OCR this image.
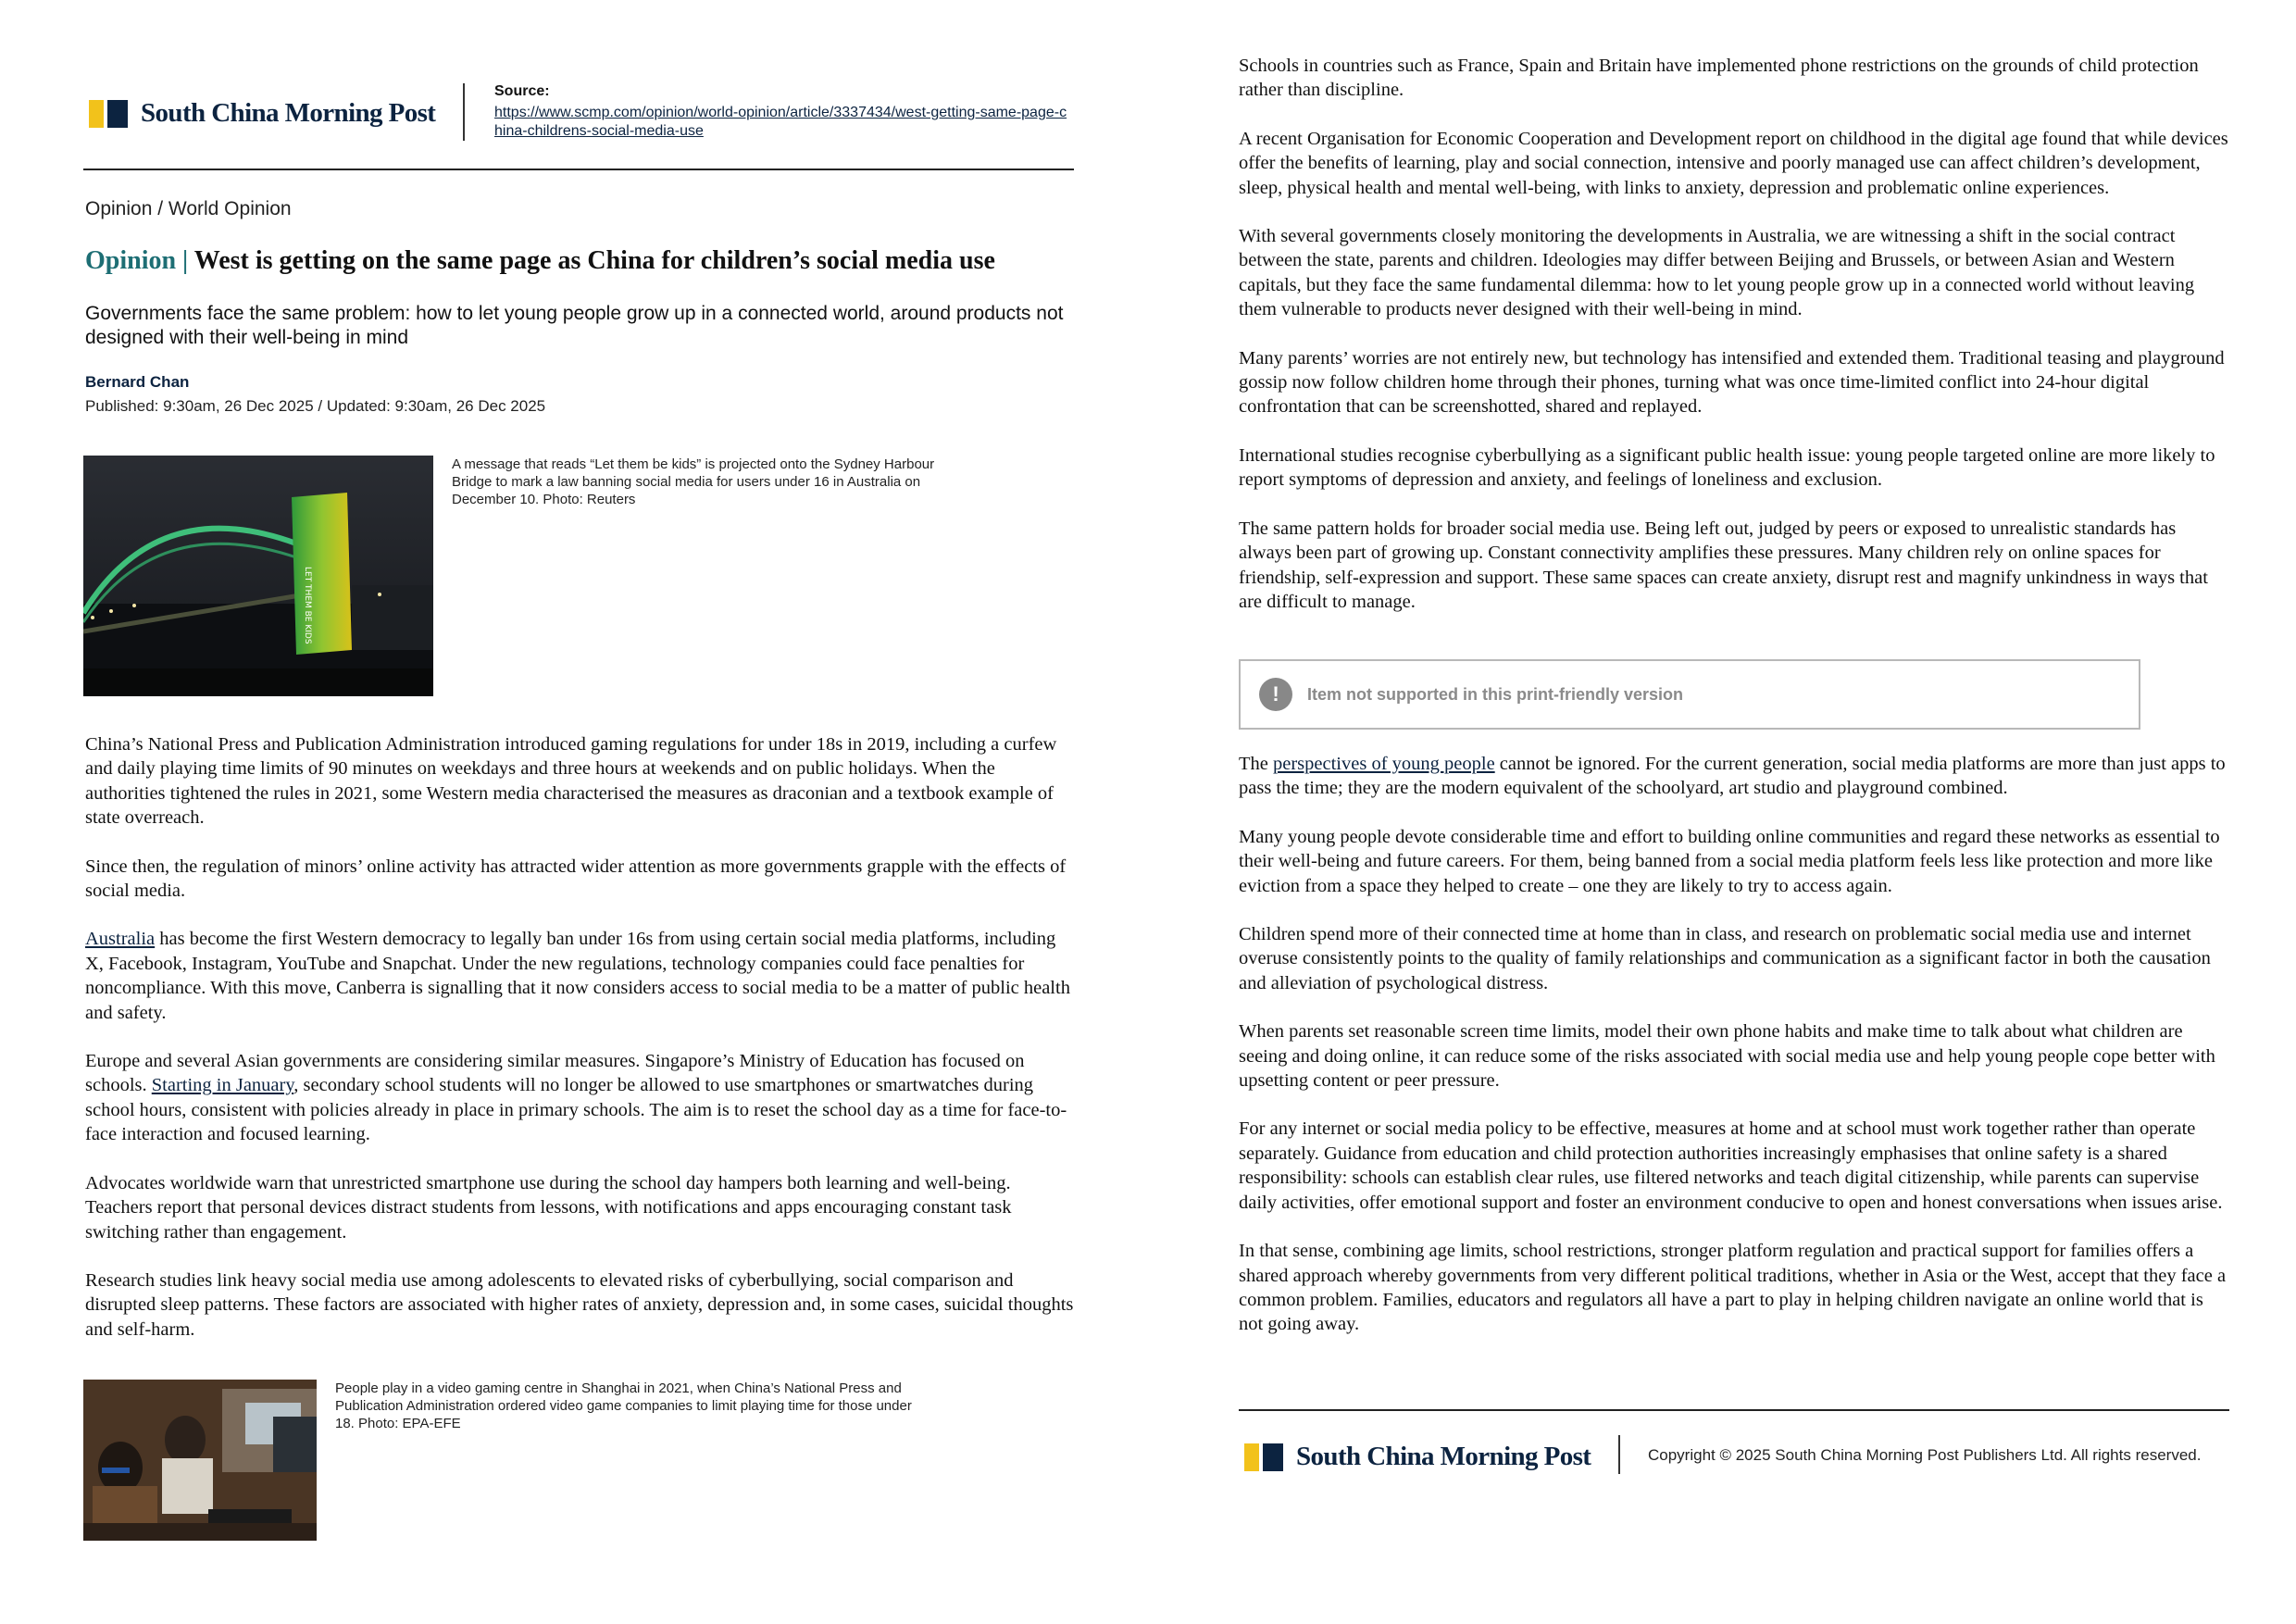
South China Morning Post
Source:
https://www.scmp.com/opinion/world-opinion/article/3337434/west-getting-same-page-china-childrens-social-media-use
Opinion / World Opinion
Opinion | West is getting on the same page as China for children’s social media use
Governments face the same problem: how to let young people grow up in a connected world, around products not designed with their well-being in mind
Bernard Chan
Published: 9:30am, 26 Dec 2025 / Updated: 9:30am, 26 Dec 2025
LET THEM BE KIDS
A message that reads “Let them be kids” is projected onto the Sydney Harbour Bridge to mark a law banning social media for users under 16 in Australia on December 10. Photo: Reuters

China’s National Press and Publication Administration introduced gaming regulations for under 18s in 2019, including a curfew and daily playing time limits of 90 minutes on weekdays and three hours at weekends and on public holidays. When the authorities tightened the rules in 2021, some Western media characterised the measures as draconian and a textbook example of state overreach.

Since then, the regulation of minors’ online activity has attracted wider attention as more governments grapple with the effects of social media.

Australia has become the first Western democracy to legally ban under 16s from using certain social media platforms, including X, Facebook, Instagram, YouTube and Snapchat. Under the new regulations, technology companies could face penalties for noncompliance. With this move, Canberra is signalling that it now considers access to social media to be a matter of public health and safety.

Europe and several Asian governments are considering similar measures. Singapore’s Ministry of Education has focused on schools. Starting in January, secondary school students will no longer be allowed to use smartphones or smartwatches during school hours, consistent with policies already in place in primary schools. The aim is to reset the school day as a time for face-to-face interaction and focused learning.

Advocates worldwide warn that unrestricted smartphone use during the school day hampers both learning and well-being. Teachers report that personal devices distract students from lessons, with notifications and apps encouraging constant task switching rather than engagement.

Research studies link heavy social media use among adolescents to elevated risks of cyberbullying, social comparison and disrupted sleep patterns. These factors are associated with higher rates of anxiety, depression and, in some cases, suicidal thoughts and self-harm.

People play in a video gaming centre in Shanghai in 2021, when China’s National Press and Publication Administration ordered video game companies to limit playing time for those under 18. Photo: EPA-EFE

Schools in countries such as France, Spain and Britain have implemented phone restrictions on the grounds of child protection rather than discipline.

A recent Organisation for Economic Cooperation and Development report on childhood in the digital age found that while devices offer the benefits of learning, play and social connection, intensive and poorly managed use can affect children’s development, sleep, physical health and mental well-being, with links to anxiety, depression and problematic online experiences.

With several governments closely monitoring the developments in Australia, we are witnessing a shift in the social contract between the state, parents and children. Ideologies may differ between Beijing and Brussels, or between Asian and Western capitals, but they face the same fundamental dilemma: how to let young people grow up in a connected world without leaving them vulnerable to products never designed with their well-being in mind.

Many parents’ worries are not entirely new, but technology has intensified and extended them. Traditional teasing and playground gossip now follow children home through their phones, turning what was once time-limited conflict into 24-hour digital confrontation that can be screenshotted, shared and replayed.

International studies recognise cyberbullying as a significant public health issue: young people targeted online are more likely to report symptoms of depression and anxiety, and feelings of loneliness and exclusion.

The same pattern holds for broader social media use. Being left out, judged by peers or exposed to unrealistic standards has always been part of growing up. Constant connectivity amplifies these pressures. Many children rely on online spaces for friendship, self-expression and support. These same spaces can create anxiety, disrupt rest and magnify unkindness in ways that are difficult to manage.

!	Item not supported in this print-friendly version

The perspectives of young people cannot be ignored. For the current generation, social media platforms are more than just apps to pass the time; they are the modern equivalent of the schoolyard, art studio and playground combined.

Many young people devote considerable time and effort to building online communities and regard these networks as essential to their well-being and future careers. For them, being banned from a social media platform feels less like protection and more like eviction from a space they helped to create – one they are likely to try to access again.

Children spend more of their connected time at home than in class, and research on problematic social media use and internet overuse consistently points to the quality of family relationships and communication as a significant factor in both the causation and alleviation of psychological distress.

When parents set reasonable screen time limits, model their own phone habits and make time to talk about what children are seeing and doing online, it can reduce some of the risks associated with social media use and help young people cope better with upsetting content or peer pressure.

For any internet or social media policy to be effective, measures at home and at school must work together rather than operate separately. Guidance from education and child protection authorities increasingly emphasises that online safety is a shared responsibility: schools can establish clear rules, use filtered networks and teach digital citizenship, while parents can supervise daily activities, offer emotional support and foster an environment conducive to open and honest conversations when issues arise.

In that sense, combining age limits, school restrictions, stronger platform regulation and practical support for families offers a shared approach whereby governments from very different political traditions, whether in Asia or the West, accept that they face a common problem. Families, educators and regulators all have a part to play in helping children navigate an online world that is not going away.

South China Morning Post	Copyright © 2025 South China Morning Post Publishers Ltd. All rights reserved.
